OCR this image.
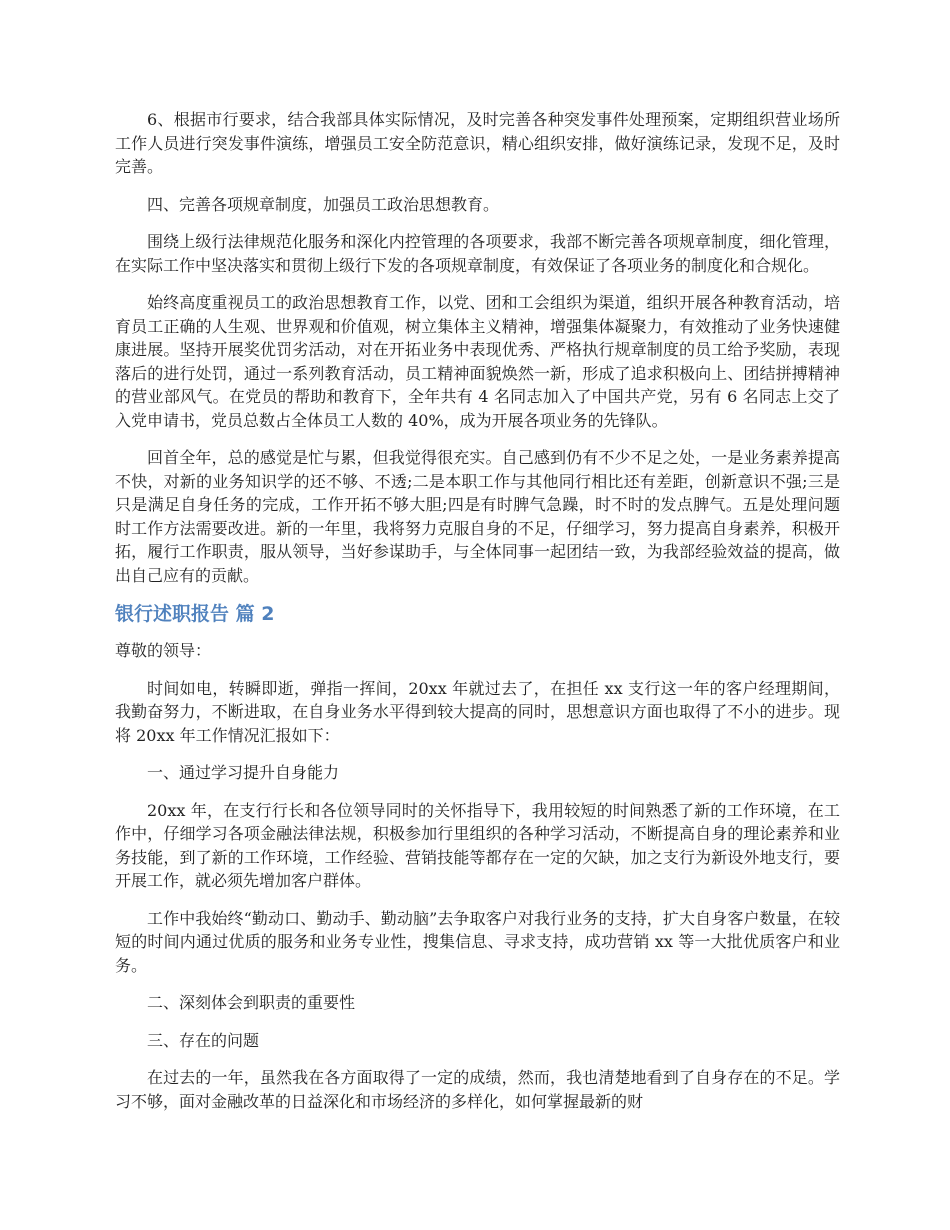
6、根据市行要求，结合我部具体实际情况，及时完善各种突发事件处理预案，定期组织营业场所工作人员进行突发事件演练，增强员工安全防范意识，精心组织安排，做好演练记录，发现不足，及时完善。

四、完善各项规章制度，加强员工政治思想教育。

围绕上级行法律规范化服务和深化内控管理的各项要求，我部不断完善各项规章制度，细化管理，在实际工作中坚决落实和贯彻上级行下发的各项规章制度，有效保证了各项业务的制度化和合规化。

始终高度重视员工的政治思想教育工作，以党、团和工会组织为渠道，组织开展各种教育活动，培育员工正确的人生观、世界观和价值观，树立集体主义精神，增强集体凝聚力，有效推动了业务快速健康进展。坚持开展奖优罚劣活动，对在开拓业务中表现优秀、严格执行规章制度的员工给予奖励，表现落后的进行处罚，通过一系列教育活动，员工精神面貌焕然一新，形成了追求积极向上、团结拼搏精神的营业部风气。在党员的帮助和教育下，全年共有 4 名同志加入了中国共产党，另有 6 名同志上交了入党申请书，党员总数占全体员工人数的 40%，成为开展各项业务的先锋队。

回首全年，总的感觉是忙与累，但我觉得很充实。自己感到仍有不少不足之处，一是业务素养提高不快，对新的业务知识学的还不够、不透;二是本职工作与其他同行相比还有差距，创新意识不强;三是只是满足自身任务的完成，工作开拓不够大胆;四是有时脾气急躁，时不时的发点脾气。五是处理问题时工作方法需要改进。新的一年里，我将努力克服自身的不足，仔细学习，努力提高自身素养，积极开拓，履行工作职责，服从领导，当好参谋助手，与全体同事一起团结一致，为我部经验效益的提高，做出自己应有的贡献。

银行述职报告 篇 2

尊敬的领导：

时间如电，转瞬即逝，弹指一挥间，20xx 年就过去了，在担任 xx 支行这一年的客户经理期间，我勤奋努力，不断进取，在自身业务水平得到较大提高的同时，思想意识方面也取得了不小的进步。现将 20xx 年工作情况汇报如下：

一、通过学习提升自身能力

20xx 年，在支行行长和各位领导同时的关怀指导下，我用较短的时间熟悉了新的工作环境，在工作中，仔细学习各项金融法律法规，积极参加行里组织的各种学习活动，不断提高自身的理论素养和业务技能，到了新的工作环境，工作经验、营销技能等都存在一定的欠缺，加之支行为新设外地支行，要开展工作，就必须先增加客户群体。

工作中我始终“勤动口、勤动手、勤动脑”去争取客户对我行业务的支持，扩大自身客户数量，在较短的时间内通过优质的服务和业务专业性，搜集信息、寻求支持，成功营销 xx 等一大批优质客户和业务。

二、深刻体会到职责的重要性

三、存在的问题

在过去的一年，虽然我在各方面取得了一定的成绩，然而，我也清楚地看到了自身存在的不足。学习不够，面对金融改革的日益深化和市场经济的多样化，如何掌握最新的财
